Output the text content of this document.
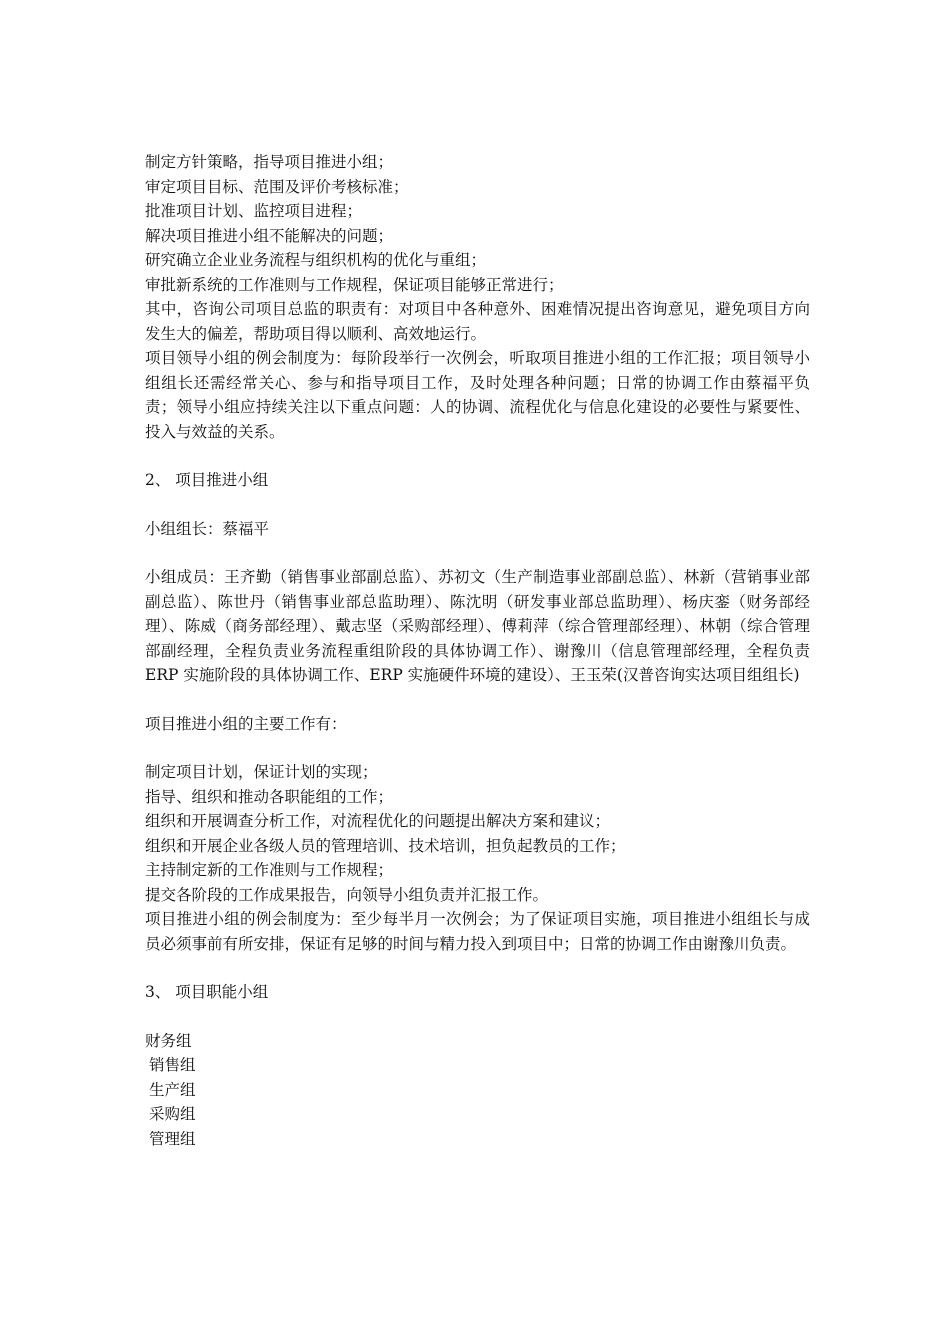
制定方针策略，指导项目推进小组；
审定项目目标、范围及评价考核标准；
批准项目计划、监控项目进程；
解决项目推进小组不能解决的问题；
研究确立企业业务流程与组织机构的优化与重组；
审批新系统的工作准则与工作规程，保证项目能够正常进行；
其中，咨询公司项目总监的职责有：对项目中各种意外、困难情况提出咨询意见，避免项目方向发生大的偏差，帮助项目得以顺利、高效地运行。
项目领导小组的例会制度为：每阶段举行一次例会，听取项目推进小组的工作汇报；项目领导小组组长还需经常关心、参与和指导项目工作，及时处理各种问题；日常的协调工作由蔡福平负责；领导小组应持续关注以下重点问题：人的协调、流程优化与信息化建设的必要性与紧要性、投入与效益的关系。
2、 项目推进小组
小组组长：蔡福平
小组成员：王齐勤（销售事业部副总监）、苏初文（生产制造事业部副总监）、林新（营销事业部副总监）、陈世丹（销售事业部总监助理）、陈沈明（研发事业部总监助理）、杨庆銮（财务部经理）、陈威（商务部经理）、戴志坚（采购部经理）、傅莉萍（综合管理部经理）、林朝（综合管理部副经理，全程负责业务流程重组阶段的具体协调工作）、谢豫川（信息管理部经理，全程负责 ERP 实施阶段的具体协调工作、ERP 实施硬件环境的建设）、王玉荣(汉普咨询实达项目组组长)
项目推进小组的主要工作有：
制定项目计划，保证计划的实现；
指导、组织和推动各职能组的工作；
组织和开展调查分析工作，对流程优化的问题提出解决方案和建议；
组织和开展企业各级人员的管理培训、技术培训，担负起教员的工作；
主持制定新的工作准则与工作规程；
提交各阶段的工作成果报告，向领导小组负责并汇报工作。
项目推进小组的例会制度为：至少每半月一次例会；为了保证项目实施，项目推进小组组长与成员必须事前有所安排，保证有足够的时间与精力投入到项目中；日常的协调工作由谢豫川负责。
3、 项目职能小组
财务组
销售组
生产组
采购组
管理组
